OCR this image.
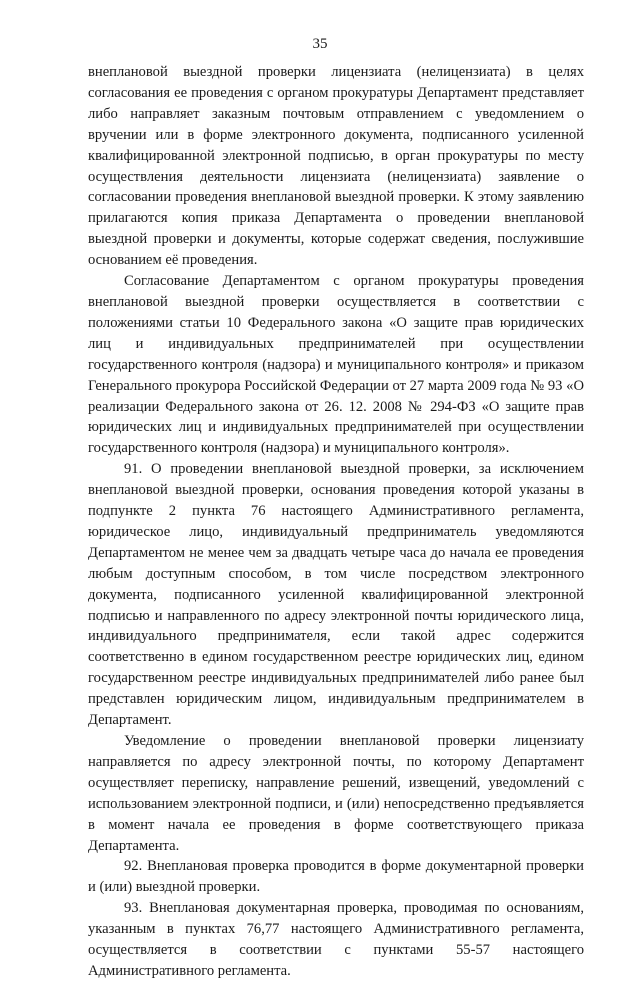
35

внеплановой выездной проверки лицензиата (нелицензиата) в целях согласования ее проведения с органом прокуратуры Департамент представляет либо направляет заказным почтовым отправлением с уведомлением о вручении или в форме электронного документа, подписанного усиленной квалифицированной электронной подписью, в орган прокуратуры по месту осуществления деятельности лицензиата (нелицензиата) заявление о согласовании проведения внеплановой выездной проверки. К этому заявлению прилагаются копия приказа Департамента о проведении внеплановой выездной проверки и документы, которые содержат сведения, послужившие основанием её проведения.

Согласование Департаментом с органом прокуратуры проведения внеплановой выездной проверки осуществляется в соответствии с положениями статьи 10 Федерального закона «О защите прав юридических лиц и индивидуальных предпринимателей при осуществлении государственного контроля (надзора) и муниципального контроля» и приказом Генерального прокурора Российской Федерации от 27 марта 2009 года № 93 «О реализации Федерального закона от 26. 12. 2008 № 294-ФЗ «О защите прав юридических лиц и индивидуальных предпринимателей при осуществлении государственного контроля (надзора) и муниципального контроля».

91. О проведении внеплановой выездной проверки, за исключением внеплановой выездной проверки, основания проведения которой указаны в подпункте 2 пункта 76 настоящего Административного регламента, юридическое лицо, индивидуальный предприниматель уведомляются Департаментом не менее чем за двадцать четыре часа до начала ее проведения любым доступным способом, в том числе посредством электронного документа, подписанного усиленной квалифицированной электронной подписью и направленного по адресу электронной почты юридического лица, индивидуального предпринимателя, если такой адрес содержится соответственно в едином государственном реестре юридических лиц, едином государственном реестре индивидуальных предпринимателей либо ранее был представлен юридическим лицом, индивидуальным предпринимателем в Департамент.

Уведомление о проведении внеплановой проверки лицензиату направляется по адресу электронной почты, по которому Департамент осуществляет переписку, направление решений, извещений, уведомлений с использованием электронной подписи, и (или) непосредственно предъявляется в момент начала ее проведения в форме соответствующего приказа Департамента.

92. Внеплановая проверка проводится в форме документарной проверки и (или) выездной проверки.

93. Внеплановая документарная проверка, проводимая по основаниям, указанным в пунктах 76,77 настоящего Административного регламента, осуществляется в соответствии с пунктами 55-57 настоящего Административного регламента.
